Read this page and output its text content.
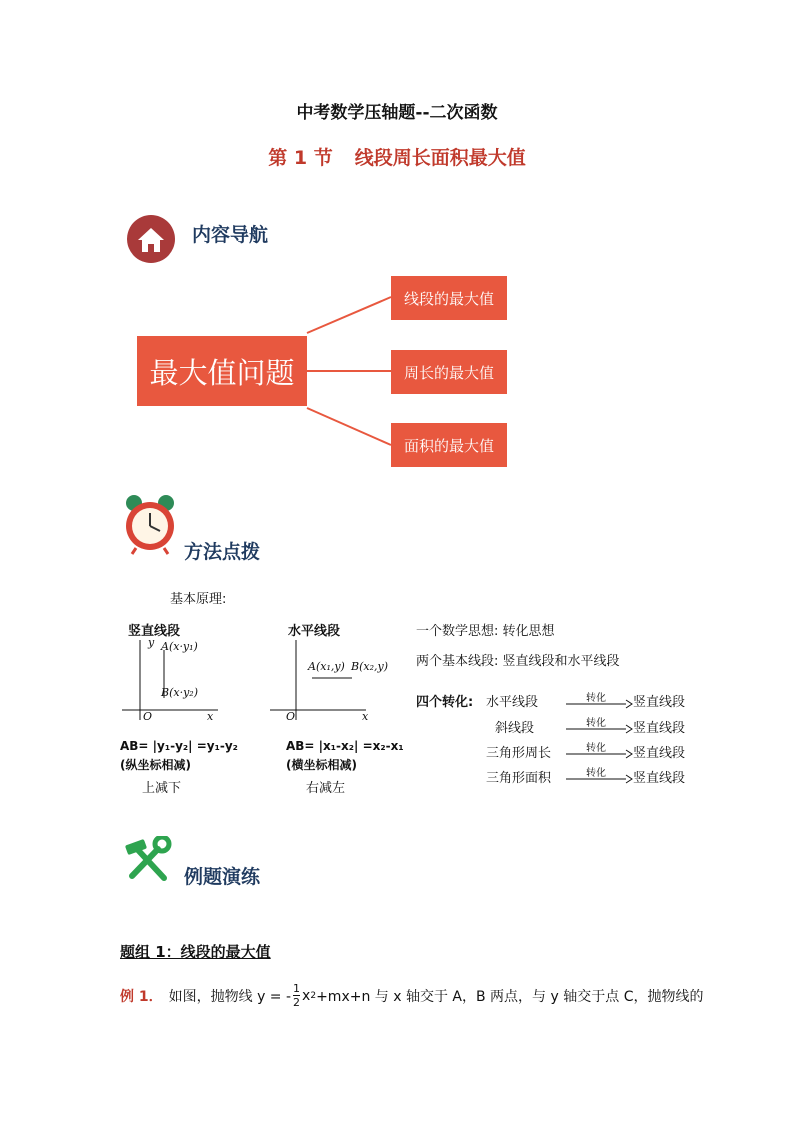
中考数学压轴题--二次函数
第 1 节 线段周长面积最大值
内容导航
最大值问题
线段的最大值
周长的最大值
面积的最大值
方法点拨
基本原理:
竖直线段
y A(x·y₁)
B(x·y₂)
O	x
AB= |y₁-y₂| =y₁-y₂
(纵坐标相减)
上减下
水平线段
A(x₁,y) B(x₂,y)
O	x
AB= |x₁-x₂| =x₂-x₁
(横坐标相减)
右减左
一个数学思想: 转化思想
两个基本线段: 竖直线段和水平线段
四个转化: 水平线段
斜线段
三角形周长
三角形面积
转化
转化
转化
转化
竖直线段
竖直线段
竖直线段
竖直线段
例题演练
题组 1：线段的最大值
例 1． 如图，抛物线 y = - $\frac{1}{2}$ x 2 +mx+n 与 x 轴交于 A，B 两点，与 y 轴交于点 C，抛物线的
